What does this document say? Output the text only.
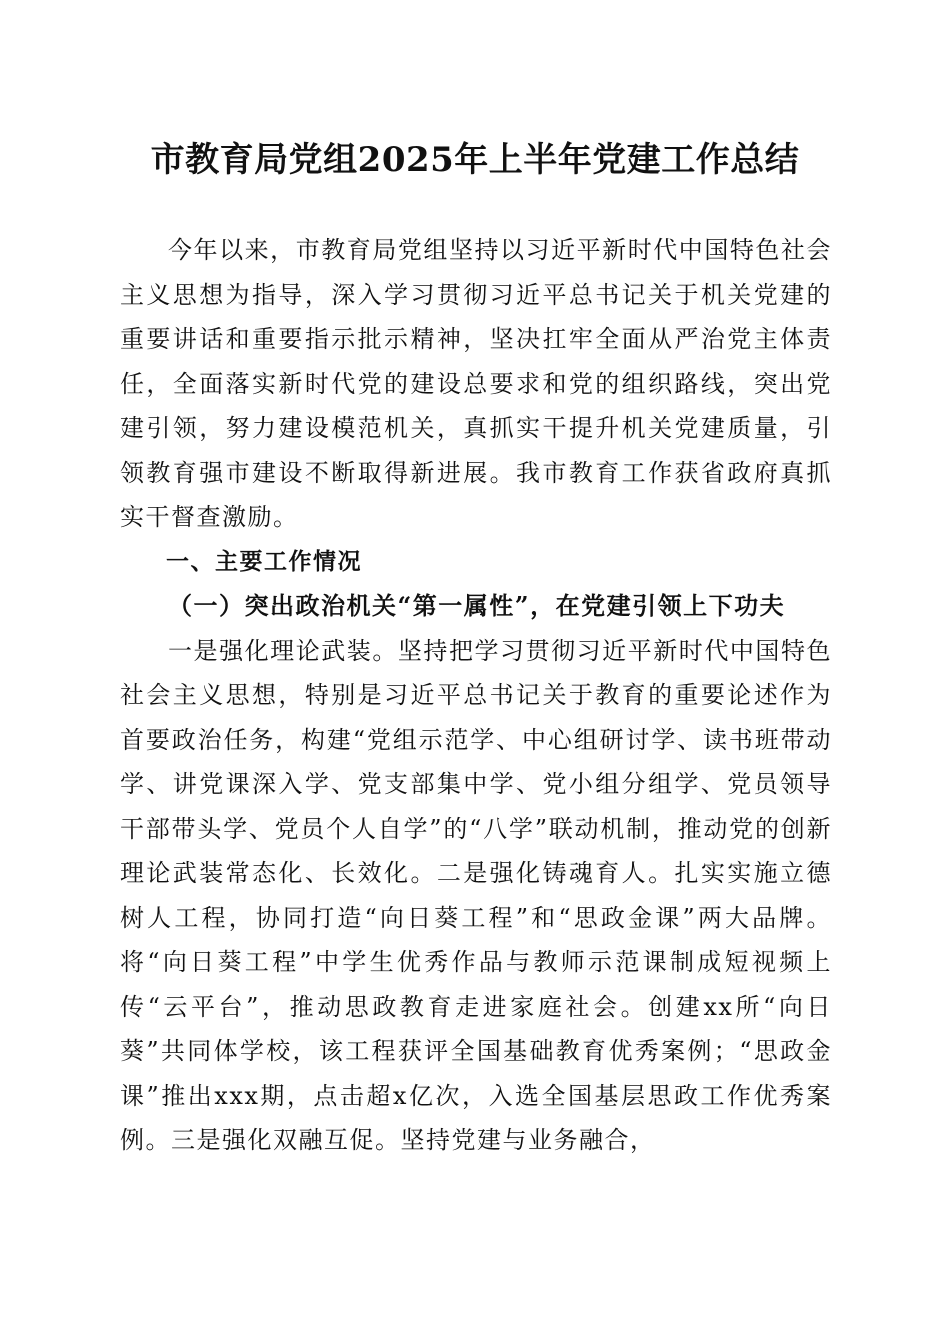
市教育局党组2025年上半年党建工作总结

今年以来，市教育局党组坚持以习近平新时代中国特色社会主义思想为指导，深入学习贯彻习近平总书记关于机关党建的重要讲话和重要指示批示精神，坚决扛牢全面从严治党主体责任，全面落实新时代党的建设总要求和党的组织路线，突出党建引领，努力建设模范机关，真抓实干提升机关党建质量，引领教育强市建设不断取得新进展。我市教育工作获省政府真抓实干督查激励。

一、主要工作情况

（一）突出政治机关“第一属性”，在党建引领上下功夫

一是强化理论武装。坚持把学习贯彻习近平新时代中国特色社会主义思想，特别是习近平总书记关于教育的重要论述作为首要政治任务，构建“党组示范学、中心组研讨学、读书班带动学、讲党课深入学、党支部集中学、党小组分组学、党员领导干部带头学、党员个人自学”的“八学”联动机制，推动党的创新理论武装常态化、长效化。二是强化铸魂育人。扎实实施立德树人工程，协同打造“向日葵工程”和“思政金课”两大品牌。将“向日葵工程”中学生优秀作品与教师示范课制成短视频上传“云平台”，推动思政教育走进家庭社会。创建xx所“向日葵”共同体学校，该工程获评全国基础教育优秀案例；“思政金课”推出xxx期，点击超x亿次，入选全国基层思政工作优秀案例。三是强化双融互促。坚持党建与业务融合，
